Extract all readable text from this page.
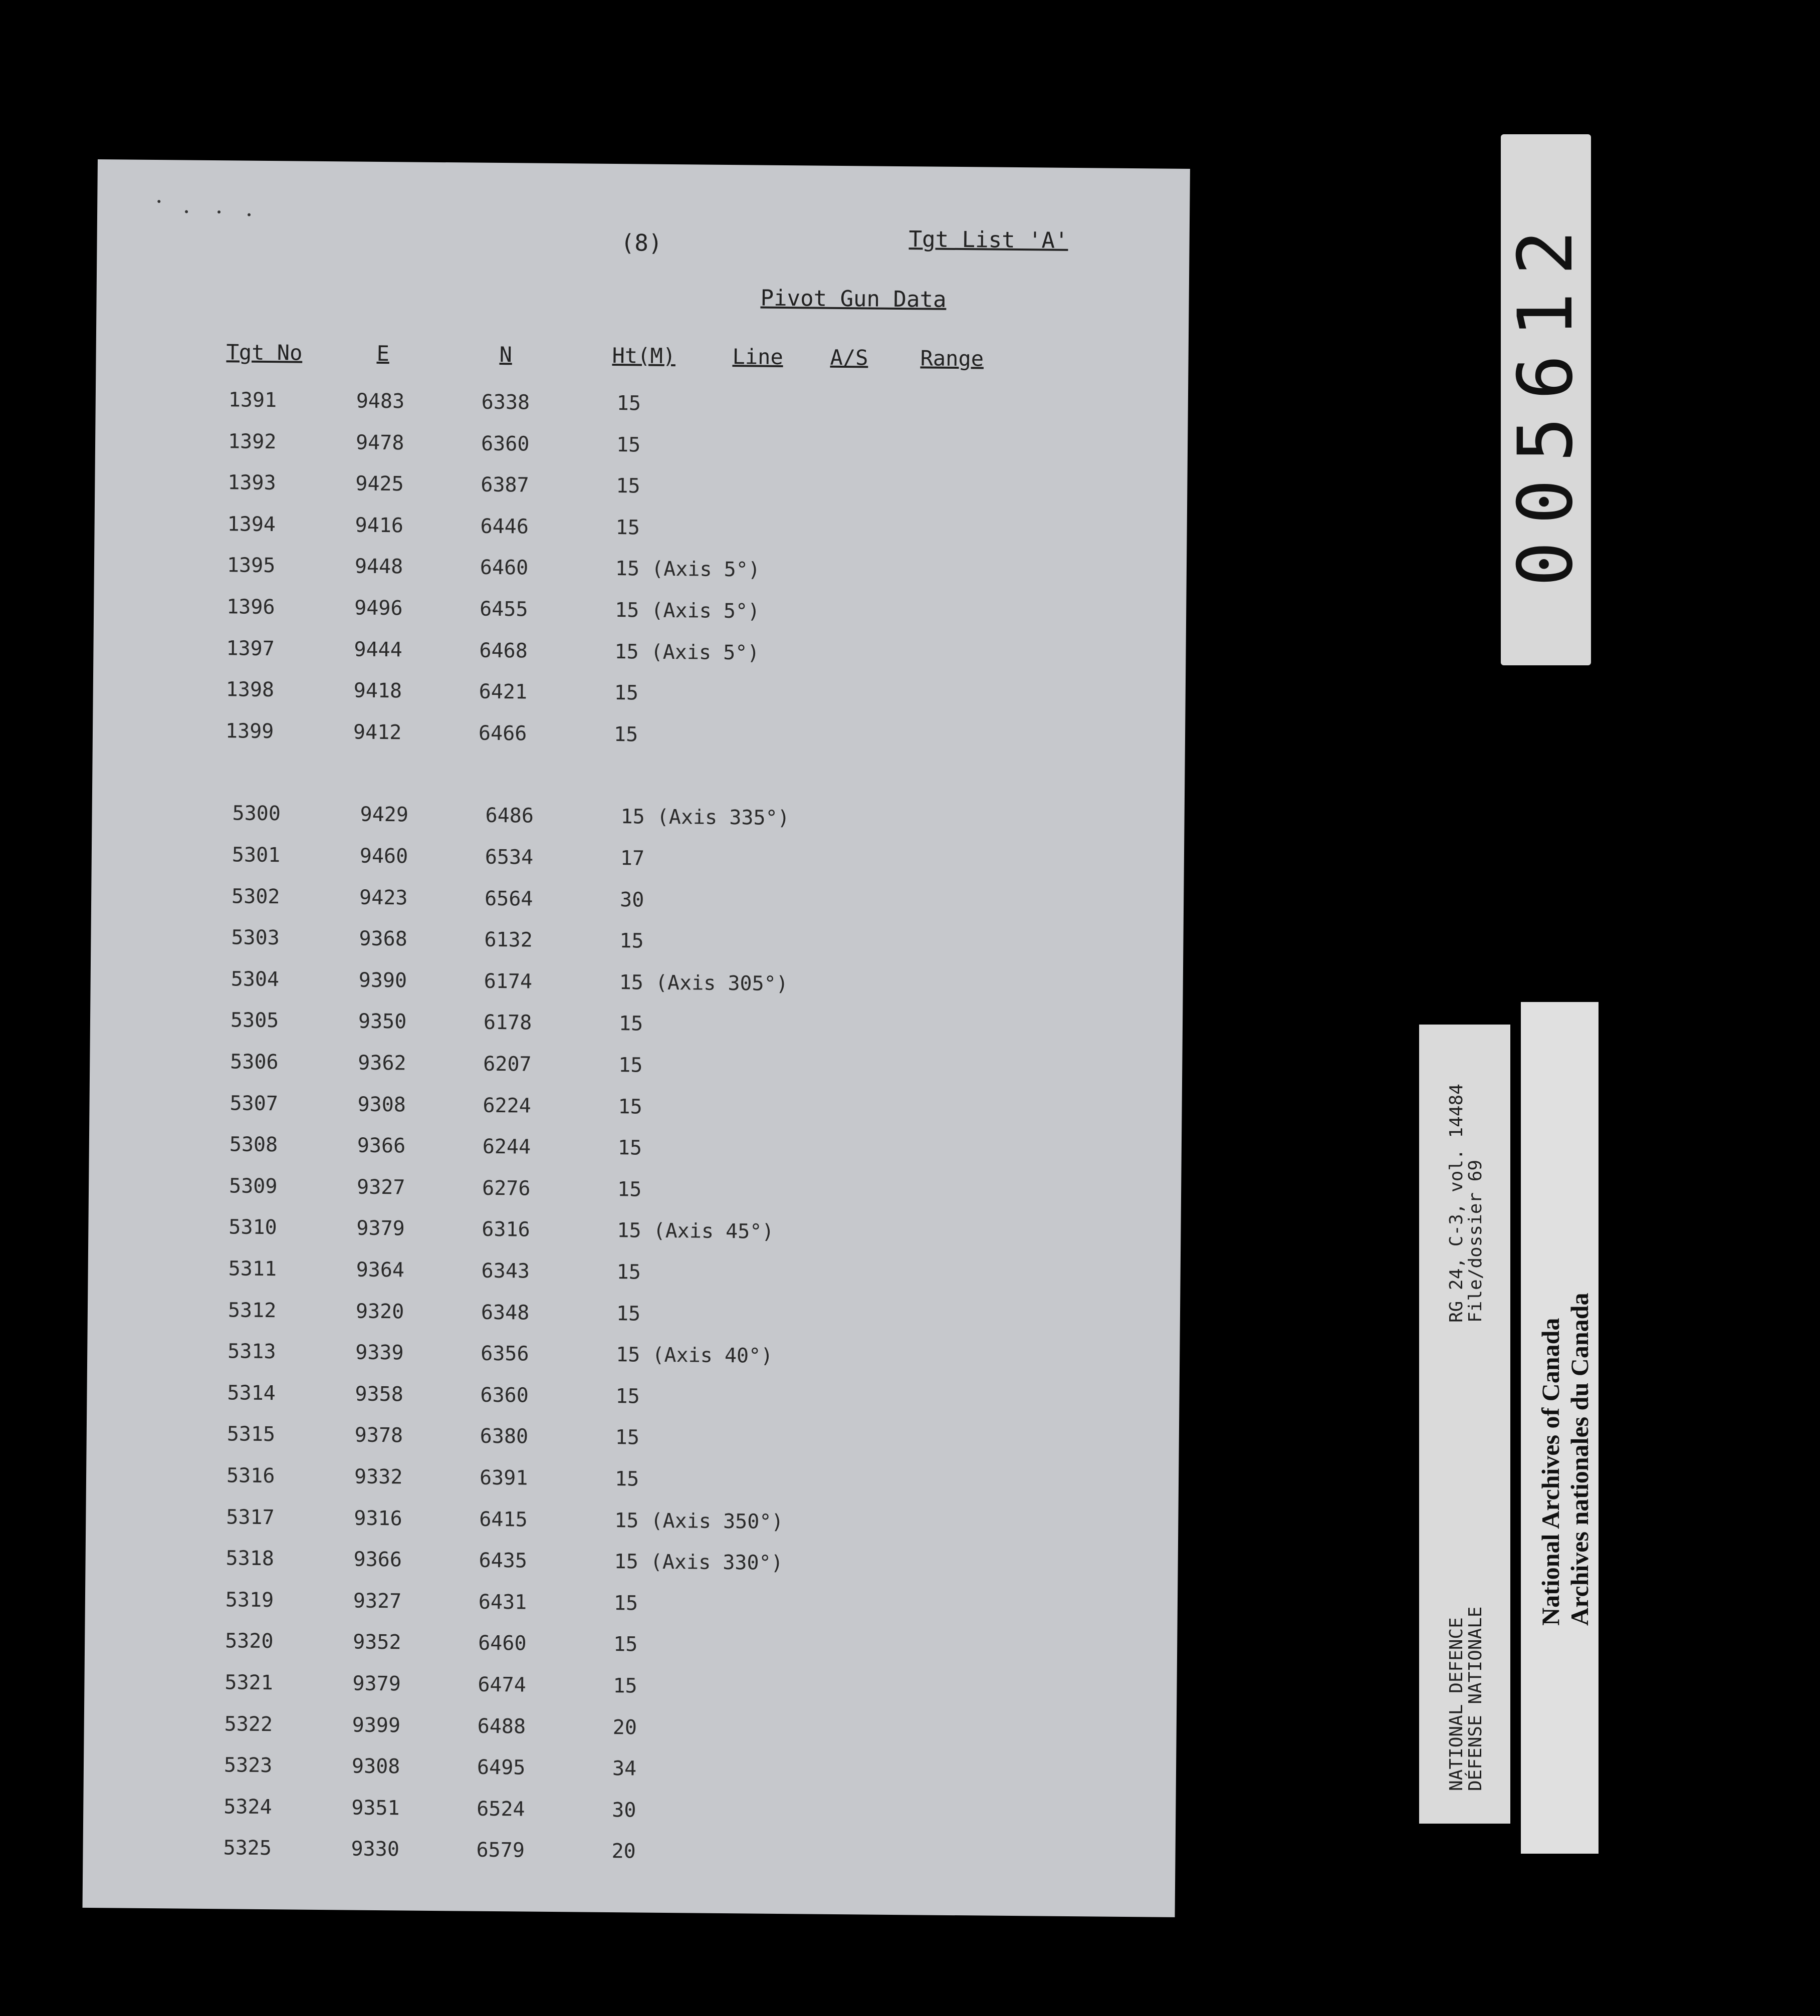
(8)	Tgt List 'A'
Pivot Gun Data
Tgt No	E	N	Ht(M)	Line A/S Range
1391	9483	6338	15
1392	9478	6360	15
1393	9425	6387	15
1394	9416	6446	15
1395	9448	6460	15 (Axis 5°)
1396	9496	6455	15 (Axis 5°)
1397	9444	6468	15 (Axis 5°)
1398	9418	6421	15
1399	9412	6466	15
5300	9429	6486	15 (Axis 335°)
5301	9460	6534	17
5302	9423	6564	30
5303	9368	6132	15
5304	9390	6174	15 (Axis 305°)
5305	9350	6178	15
5306	9362	6207	15
5307	9308	6224	15
5308	9366	6244	15
5309	9327	6276	15
5310	9379	6316	15 (Axis 45°)
5311	9364	6343	15
5312	9320	6348	15
5313	9339	6356	15 (Axis 40°)
5314	9358	6360	15
5315	9378	6380	15
5316	9332	6391	15
5317	9316	6415	15 (Axis 350°)
5318	9366	6435	15 (Axis 330°)
5319	9327	6431	15
5320	9352	6460	15
5321	9379	6474	15
5322	9399	6488	20
5323	9308	6495	34
5324	9351	6524	30
5325	9330	6579	20
005612
NATIONAL DEFENCE
DÉFENSE NATIONALE
RG 24, C-3, vol. 14484
File/dossier 69
National Archives of Canada Archives nationales du Canada
